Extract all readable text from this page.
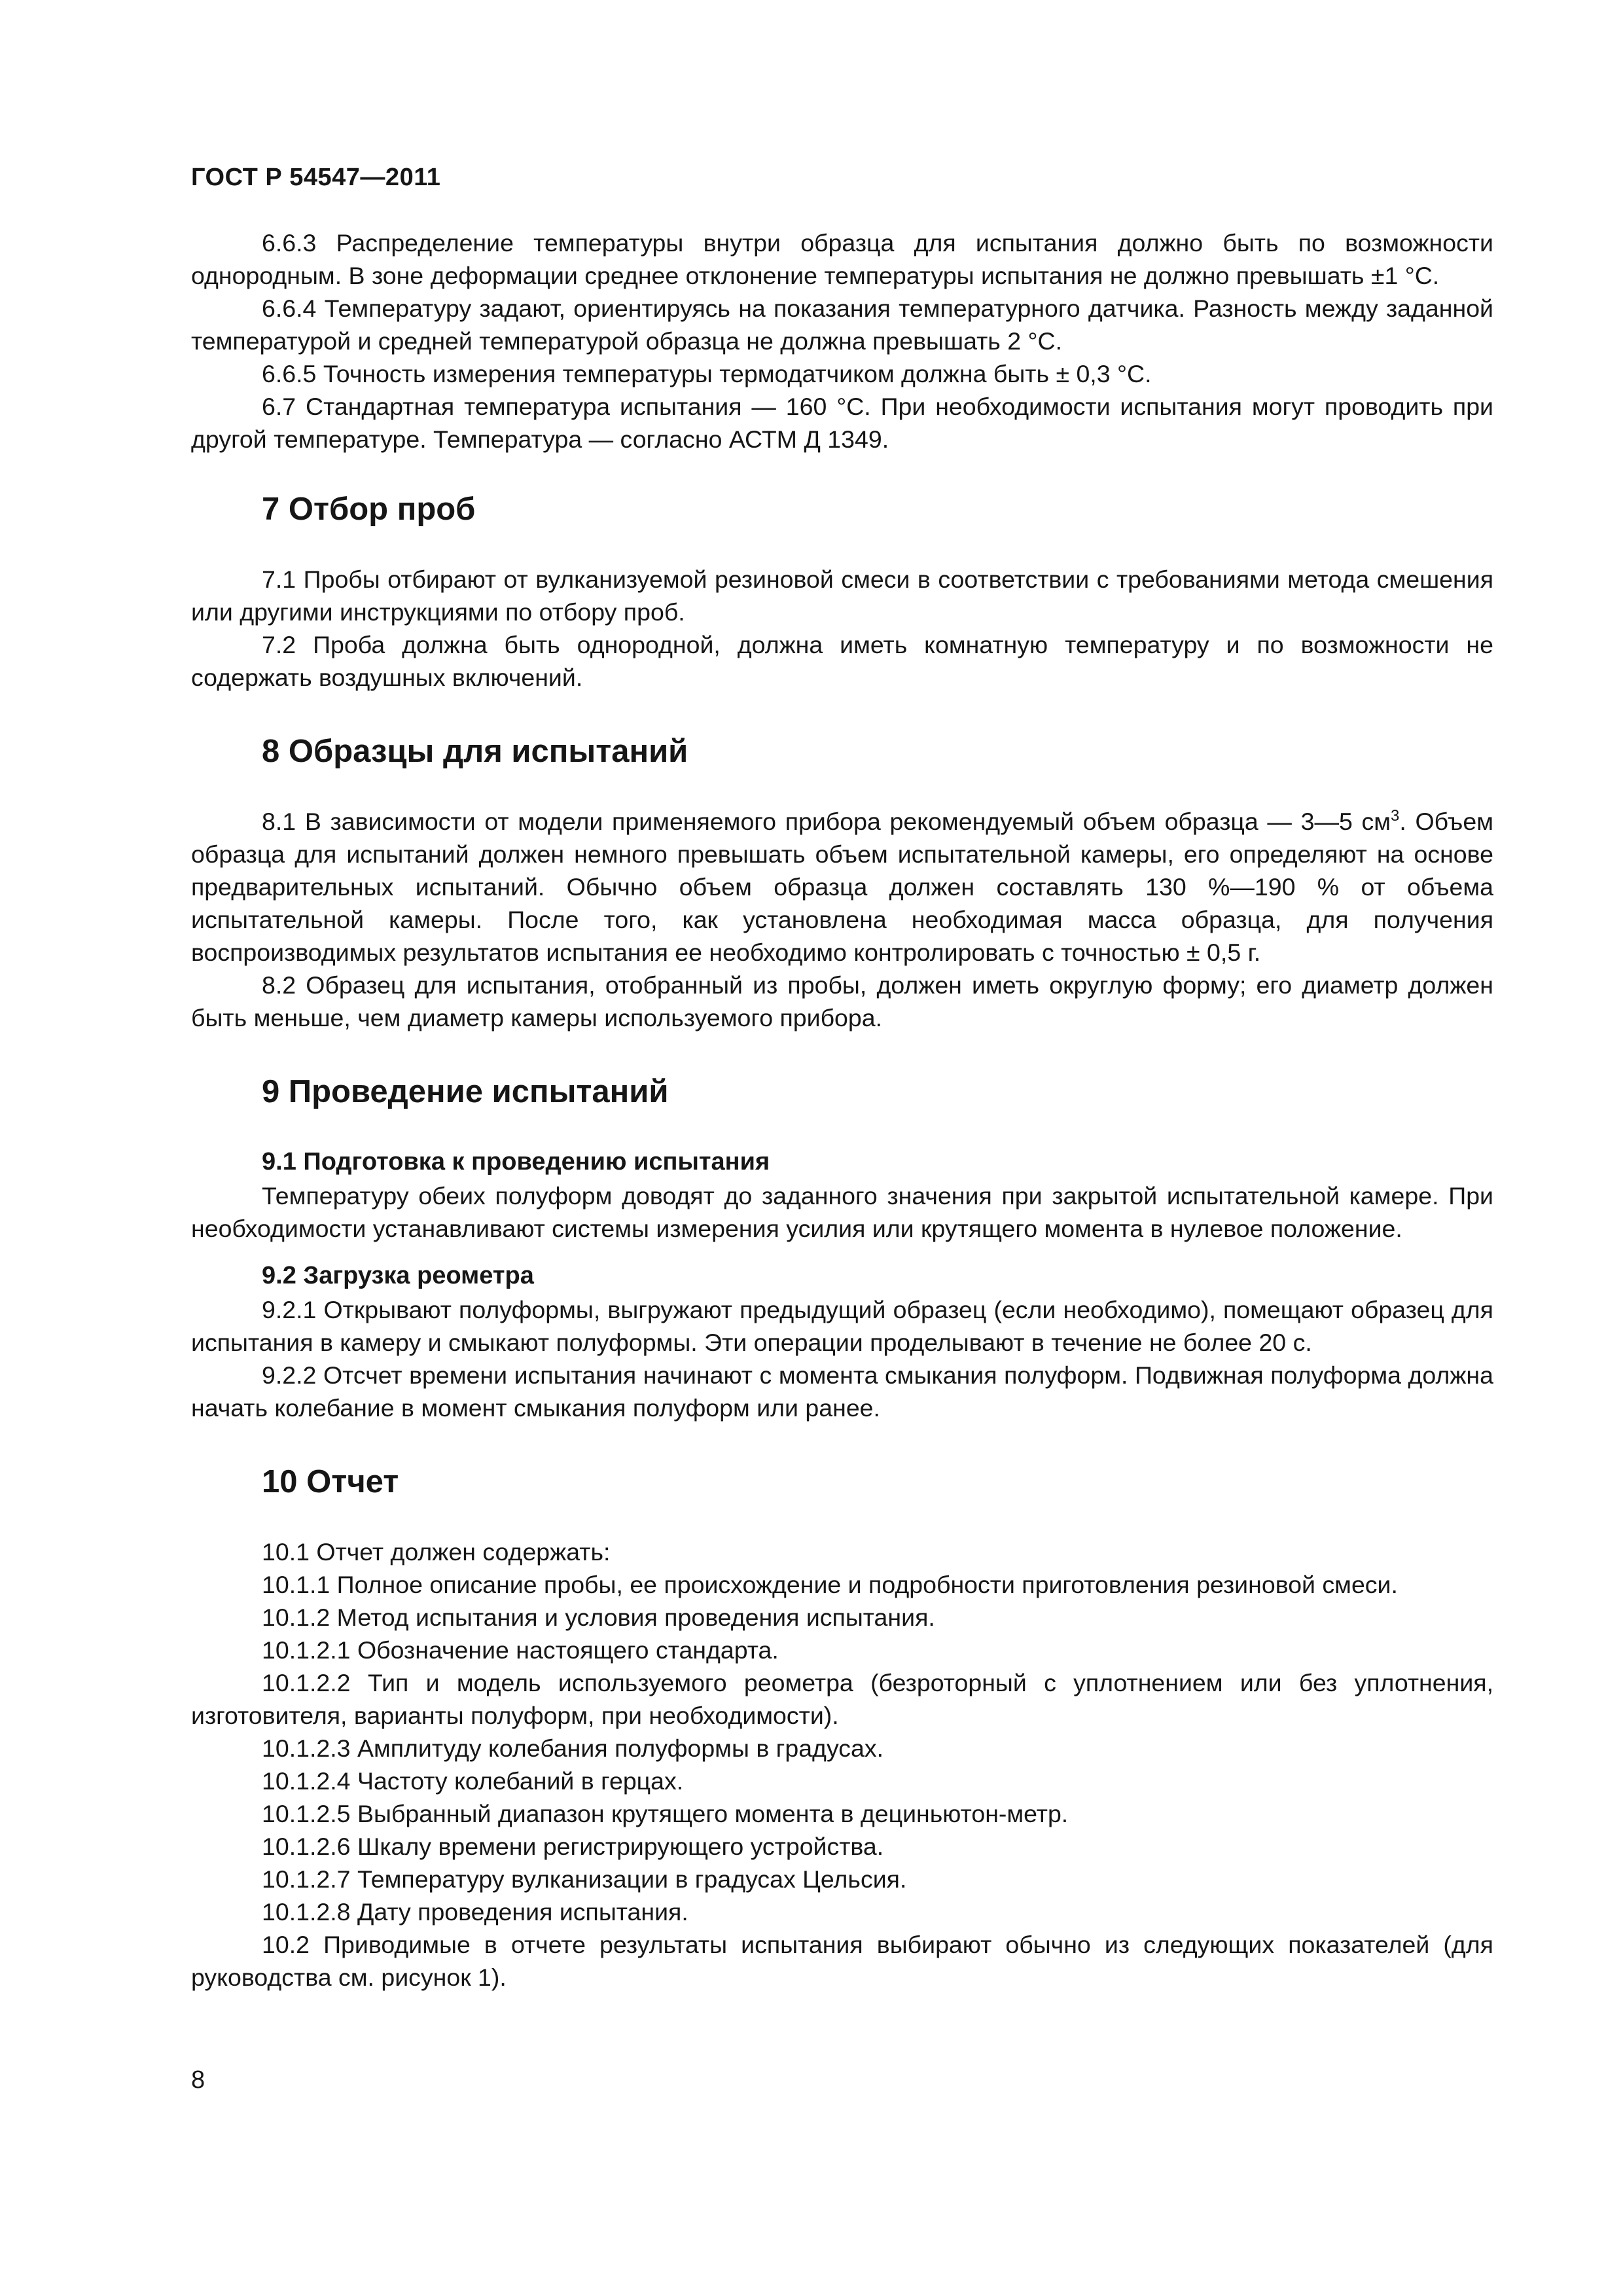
ГОСТ Р 54547—2011

6.6.3 Распределение температуры внутри образца для испытания должно быть по возможности однородным. В зоне деформации среднее отклонение температуры испытания не должно превышать ±1 °С.

6.6.4 Температуру задают, ориентируясь на показания температурного датчика. Разность между заданной температурой и средней температурой образца не должна превышать 2 °С.

6.6.5 Точность измерения температуры термодатчиком должна быть ± 0,3 °С.

6.7 Стандартная температура испытания — 160 °С. При необходимости испытания могут проводить при другой температуре. Температура — согласно АСТМ Д 1349.

7 Отбор проб

7.1 Пробы отбирают от вулканизуемой резиновой смеси в соответствии с требованиями метода смешения или другими инструкциями по отбору проб.

7.2 Проба должна быть однородной, должна иметь комнатную температуру и по возможности не содержать воздушных включений.

8 Образцы для испытаний

8.1 В зависимости от модели применяемого прибора рекомендуемый объем образца — 3—5 $см^3$. Объем образца для испытаний должен немного превышать объем испытательной камеры, его определяют на основе предварительных испытаний. Обычно объем образца должен составлять 130 %—190 % от объема испытательной камеры. После того, как установлена необходимая масса образца, для получения воспроизводимых результатов испытания ее необходимо контролировать с точностью ± 0,5 г.

8.2 Образец для испытания, отобранный из пробы, должен иметь округлую форму; его диаметр должен быть меньше, чем диаметр камеры используемого прибора.

9 Проведение испытаний
9.1 Подготовка к проведению испытания

Температуру обеих полуформ доводят до заданного значения при закрытой испытательной камере. При необходимости устанавливают системы измерения усилия или крутящего момента в нулевое положение.

9.2 Загрузка реометра

9.2.1 Открывают полуформы, выгружают предыдущий образец (если необходимо), помещают образец для испытания в камеру и смыкают полуформы. Эти операции проделывают в течение не более 20 с.

9.2.2 Отсчет времени испытания начинают с момента смыкания полуформ. Подвижная полуформа должна начать колебание в момент смыкания полуформ или ранее.

10 Отчет

10.1 Отчет должен содержать:

10.1.1 Полное описание пробы, ее происхождение и подробности приготовления резиновой смеси.

10.1.2 Метод испытания и условия проведения испытания.

10.1.2.1 Обозначение настоящего стандарта.

10.1.2.2 Тип и модель используемого реометра (безроторный с уплотнением или без уплотнения, изготовителя, варианты полуформ, при необходимости).

10.1.2.3 Амплитуду колебания полуформы в градусах.

10.1.2.4 Частоту колебаний в герцах.

10.1.2.5 Выбранный диапазон крутящего момента в дециньютон-метр.

10.1.2.6 Шкалу времени регистрирующего устройства.

10.1.2.7 Температуру вулканизации в градусах Цельсия.

10.1.2.8 Дату проведения испытания.

10.2 Приводимые в отчете результаты испытания выбирают обычно из следующих показателей (для руководства см. рисунок 1).

8
